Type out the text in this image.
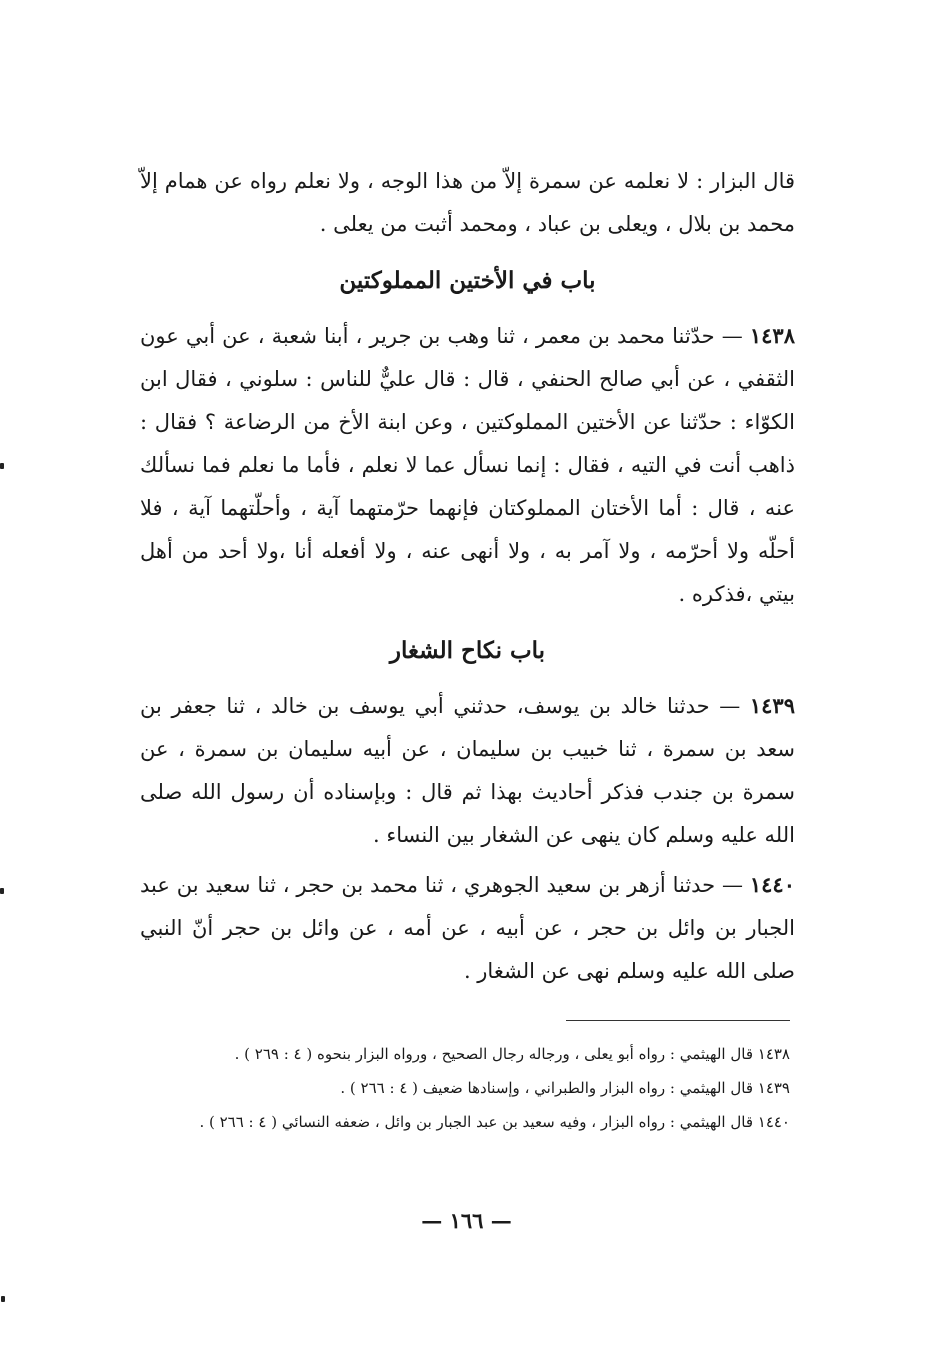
قال البزار : لا نعلمه عن سمرة إلاّ من هذا الوجه ، ولا نعلم رواه عن همام إلاّ محمد بن بلال ، ويعلى بن عباد ، ومحمد أثبت من يعلى .

باب في الأختين المملوكتين

١٤٣٨ — حدّثنا محمد بن معمر ، ثنا وهب بن جرير ، أبنا شعبة ، عن أبي عون الثقفي ، عن أبي صالح الحنفي ، قال : قال عليٌّ للناس : سلوني ، فقال ابن الكوّاء : حدّثنا عن الأختين المملوكتين ، وعن ابنة الأخ من الرضاعة ؟ فقال : ذاهب أنت في التيه ، فقال : إنما نسأل عما لا نعلم ، فأما ما نعلم فما نسألك عنه ، قال : أما الأختان المملوكتان فإنهما حرّمتهما آية ، وأحلّتهما آية ، فلا أحلّه ولا أحرّمه ، ولا آمر به ، ولا أنهى عنه ، ولا أفعله أنا ،ولا أحد من أهل بيتي ،فذكره .

باب نكاح الشغار

١٤٣٩ — حدثنا خالد بن يوسف، حدثني أبي يوسف بن خالد ، ثنا جعفر بن سعد بن سمرة ، ثنا خبيب بن سليمان ، عن أبيه سليمان بن سمرة ، عن سمرة بن جندب فذكر أحاديث بهذا ثم قال : وبإسناده أن رسول الله صلى الله عليه وسلم كان ينهى عن الشغار بين النساء .

١٤٤٠ — حدثنا أزهر بن سعيد الجوهري ، ثنا محمد بن حجر ، ثنا سعيد بن عبد الجبار بن وائل بن حجر ، عن أبيه ، عن أمه ، عن وائل بن حجر أنّ النبي صلى الله عليه وسلم نهى عن الشغار .

١٤٣٨ قال الهيثمي : رواه أبو يعلى ، ورجاله رجال الصحيح ، ورواه البزار بنحوه ( ٤ : ٢٦٩ ) .

١٤٣٩ قال الهيثمي : رواه البزار والطبراني ، وإسنادها ضعيف ( ٤ : ٢٦٦ ) .

١٤٤٠ قال الهيثمي : رواه البزار ، وفيه سعيد بن عبد الجبار بن وائل ، ضعفه النسائي ( ٤ : ٢٦٦ ) .

— ١٦٦ —
